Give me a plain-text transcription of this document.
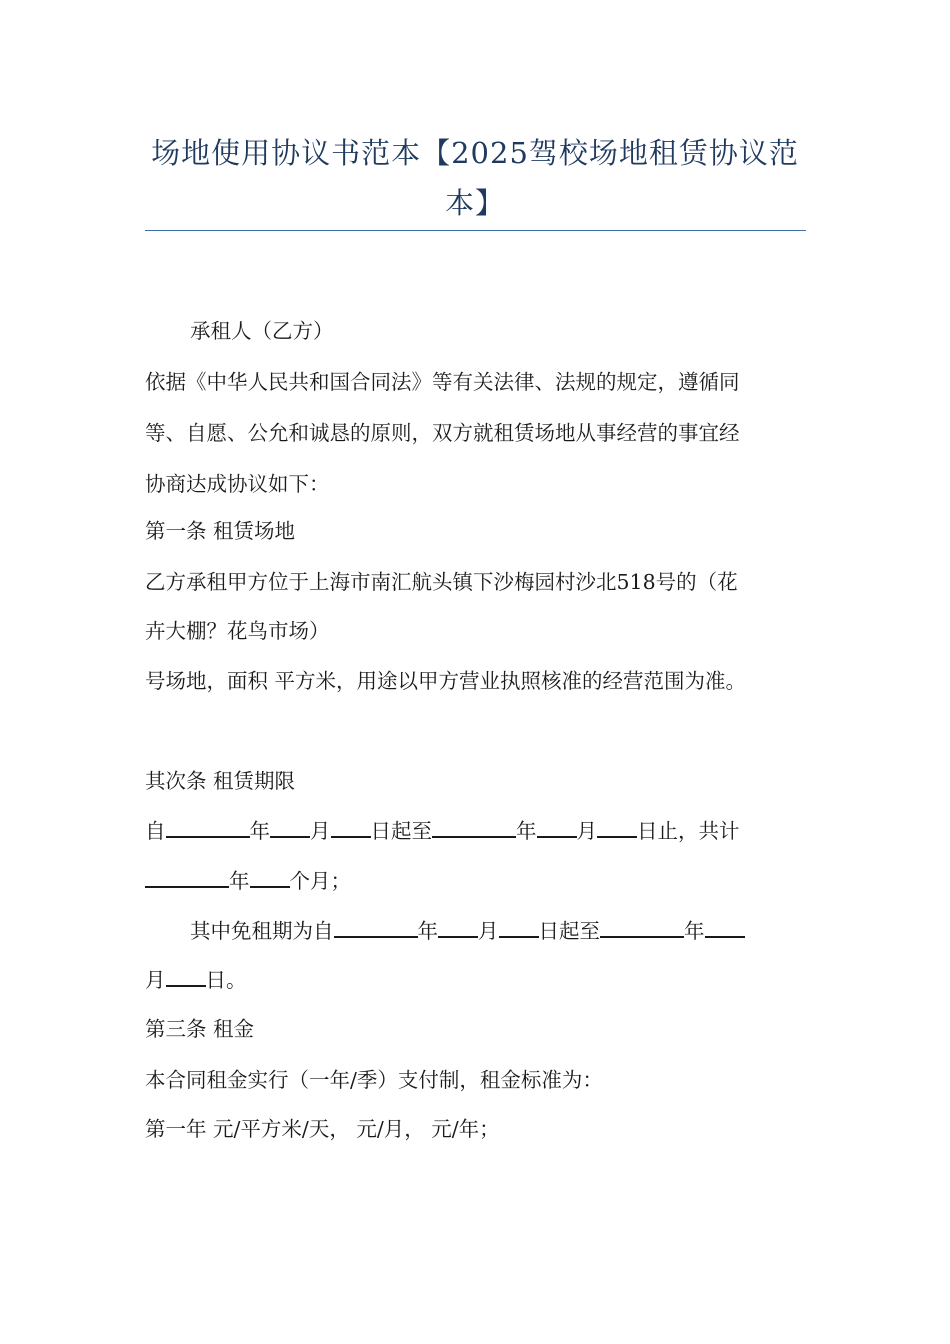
场地使用协议书范本【2025驾校场地租赁协议范
本】

承租人（乙方）

依据《中华人民共和国合同法》等有关法律、法规的规定，遵循同

等、自愿、公允和诚恳的原则，双方就租赁场地从事经营的事宜经

协商达成协议如下：

第一条 租赁场地

乙方承租甲方位于上海市南汇航头镇下沙梅园村沙北518号的（花

卉大棚？花鸟市场）

号场地，面积 平方米，用途以甲方营业执照核准的经营范围为准。

其次条 租赁期限

自	年 月 日起至	年 月 日止，共计

年 个月；

其中免租期为自	年 月 日起至	年

月 日。

第三条 租金

本合同租金实行（一年/季）支付制，租金标准为：

第一年 元/平方米/天， 元/月， 元/年；
